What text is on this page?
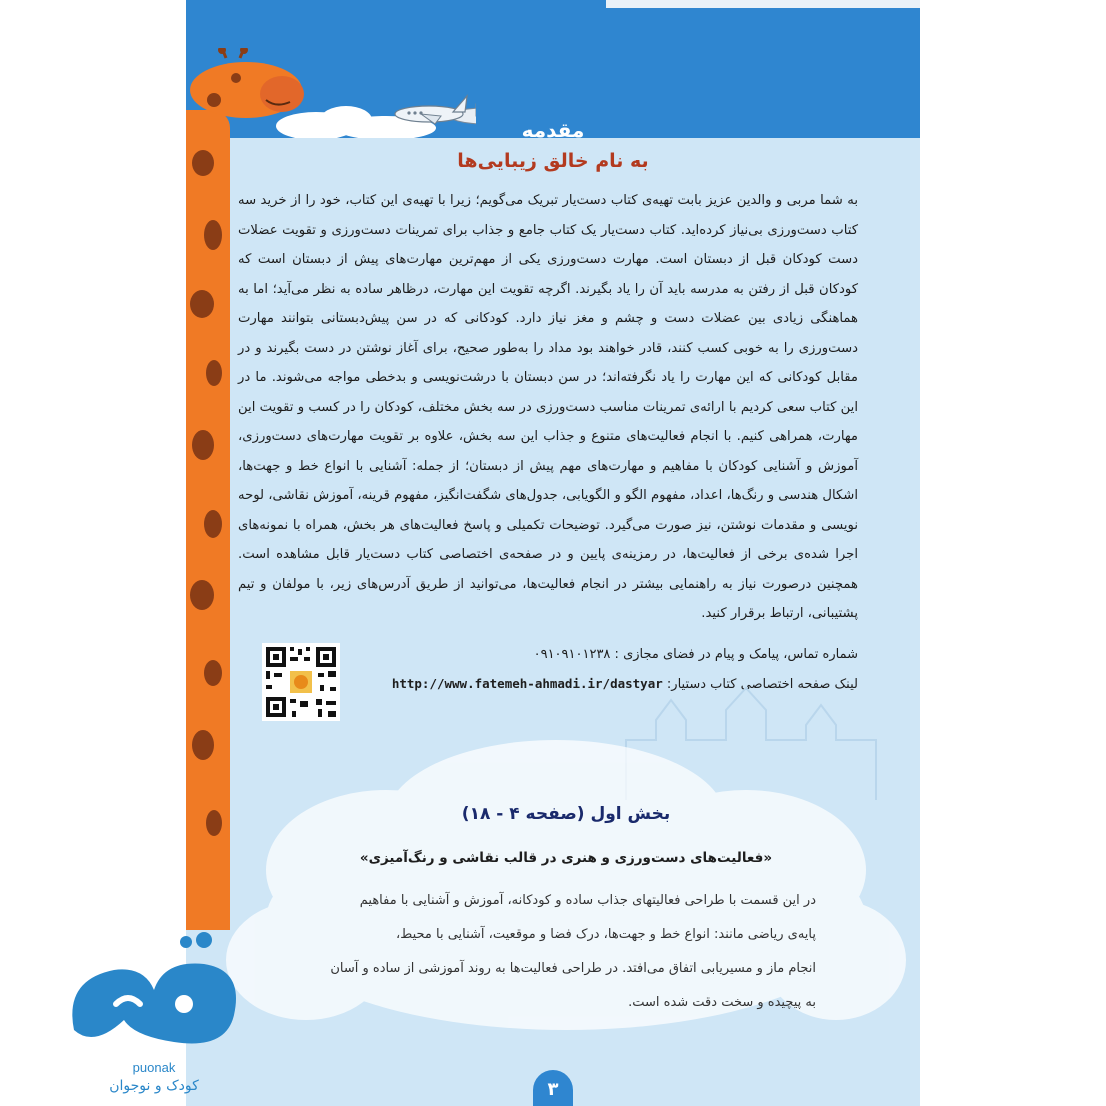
مقدمه
به نام خالق زیبایی‌ها

به شما مربی و والدین عزیز بابت تهیه‌ی کتاب دست‌یار تبریک می‌گویم؛ زیرا با تهیه‌ی این کتاب، خود را از خرید سه کتاب دست‌ورزی بی‌نیاز کرده‌اید. کتاب دست‌یار یک کتاب جامع و جذاب برای تمرینات دست‌ورزی و تقویت عضلات دست کودکان قبل از دبستان است. مهارت دست‌ورزی یکی از مهم‌ترین مهارت‌های پیش از دبستان است که کودکان قبل از رفتن به مدرسه باید آن را یاد بگیرند. اگرچه تقویت این مهارت، درظاهر ساده به نظر می‌آید؛ اما به هماهنگی زیادی بین عضلات دست و چشم و مغز نیاز دارد. کودکانی که در سن پیش‌دبستانی بتوانند مهارت دست‌ورزی را به خوبی کسب کنند، قادر خواهند بود مداد را به‌طور صحیح، برای آغاز نوشتن در دست بگیرند و در مقابل کودکانی که این مهارت را یاد نگرفته‌اند؛ در سن دبستان با درشت‌نویسی و بدخطی مواجه می‌شوند. ما در این کتاب سعی کردیم با ارائه‌ی تمرینات مناسب دست‌ورزی در سه بخش مختلف، کودکان را در کسب و تقویت این مهارت، همراهی کنیم. با انجام فعالیت‌های متنوع و جذاب این سه بخش، علاوه بر تقویت مهارت‌های دست‌ورزی، آموزش و آشنایی کودکان با مفاهیم و مهارت‌های مهم پیش از دبستان؛ از جمله: آشنایی با انواع خط و جهت‌ها، اشکال هندسی و رنگ‌ها، اعداد، مفهوم الگو و الگویابی، جدول‌های شگفت‌انگیز، مفهوم قرینه، آموزش نقاشی، لوحه نویسی و مقدمات نوشتن، نیز صورت می‌گیرد. توضیحات تکمیلی و پاسخ فعالیت‌های هر بخش، همراه با نمونه‌های اجرا شده‌ی برخی از فعالیت‌ها، در رمزینه‌ی پایین و در صفحه‌ی اختصاصی کتاب دست‌یار قابل مشاهده است. همچنین درصورت نیاز به راهنمایی بیشتر در انجام فعالیت‌ها، می‌توانید از طریق آدرس‌های زیر، با مولفان و تیم پشتیبانی، ارتباط برقرار کنید.

شماره تماس، پیامک و پیام در فضای مجازی : ۰۹۱۰۹۱۰۱۲۳۸
لینک صفحه اختصاصی کتاب دستیار: http://www.fatemeh-ahmadi.ir/dastyar
بخش اول (صفحه ۴ - ۱۸)
«فعالیت‌های دست‌ورزی و هنری در قالب نقاشی و رنگ‌آمیزی»

در این قسمت با طراحی فعالیتهای جذاب ساده و کودکانه، آموزش و آشنایی با مفاهیم

پایه‌ی ریاضی مانند: انواع خط و جهت‌ها، درک فضا و موقعیت، آشنایی با محیط،

انجام ماز و مسیریابی اتفاق می‌افتد. در طراحی فعالیت‌ها به روند آموزشی از ساده و آسان

به پیچیده و سخت دقت شده است.

۳
puonak
کودک و نوجوان
